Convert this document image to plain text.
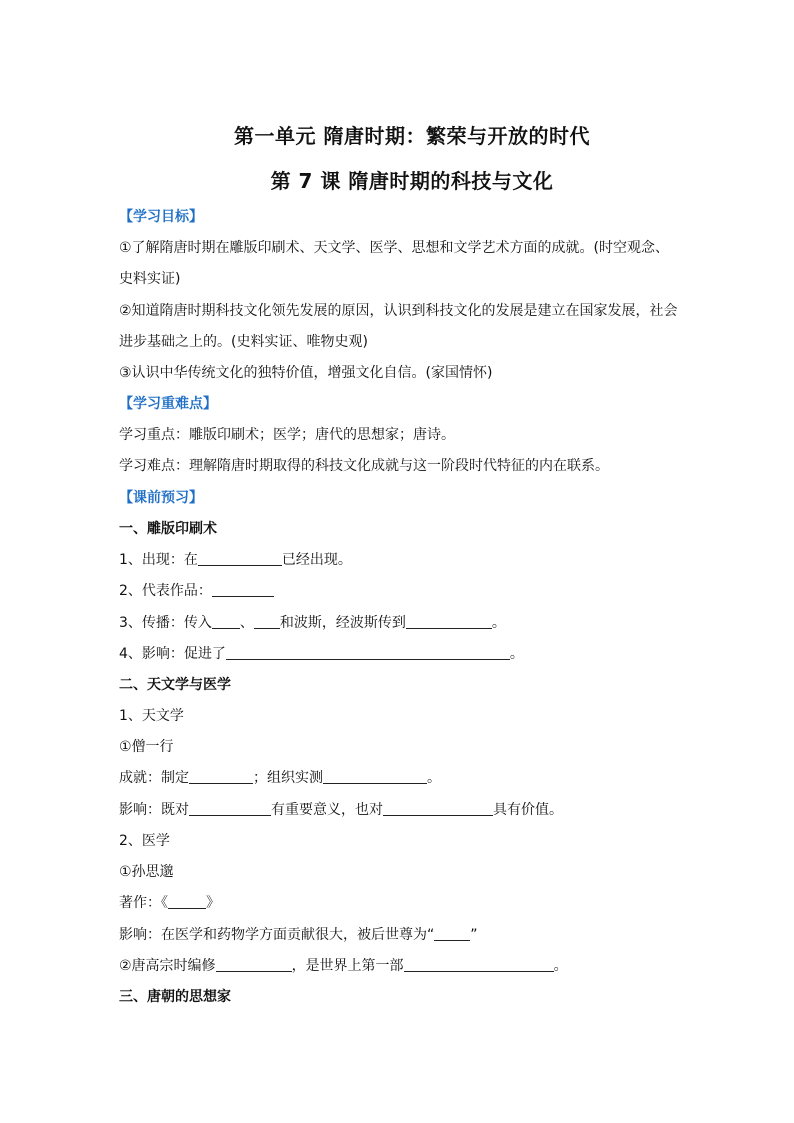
第一单元 隋唐时期：繁荣与开放的时代
第 7 课 隋唐时期的科技与文化
【学习目标】
①了解隋唐时期在雕版印刷术、天文学、医学、思想和文学艺术方面的成就。(时空观念、
史料实证)
②知道隋唐时期科技文化领先发展的原因，认识到科技文化的发展是建立在国家发展，社会
进步基础之上的。(史料实证、唯物史观)
③认识中华传统文化的独特价值，增强文化自信。(家国情怀)
【学习重难点】
学习重点：雕版印刷术；医学；唐代的思想家；唐诗。
学习难点：理解隋唐时期取得的科技文化成就与这一阶段时代特征的内在联系。
【课前预习】
一、雕版印刷术
1、出现：在	已经出现。
2、代表作品：
3、传播：传入 、 和波斯，经波斯传到	。
4、影响：促进了	。
二、天文学与医学
1、天文学
①僧一行
成就：制定	；组织实测	。
影响：既对	有重要意义，也对	具有价值。
2、医学
①孙思邈
著作：《	》
影响：在医学和药物学方面贡献很大，被后世尊为“	”
②唐高宗时编修	，是世界上第一部	。
三、唐朝的思想家
